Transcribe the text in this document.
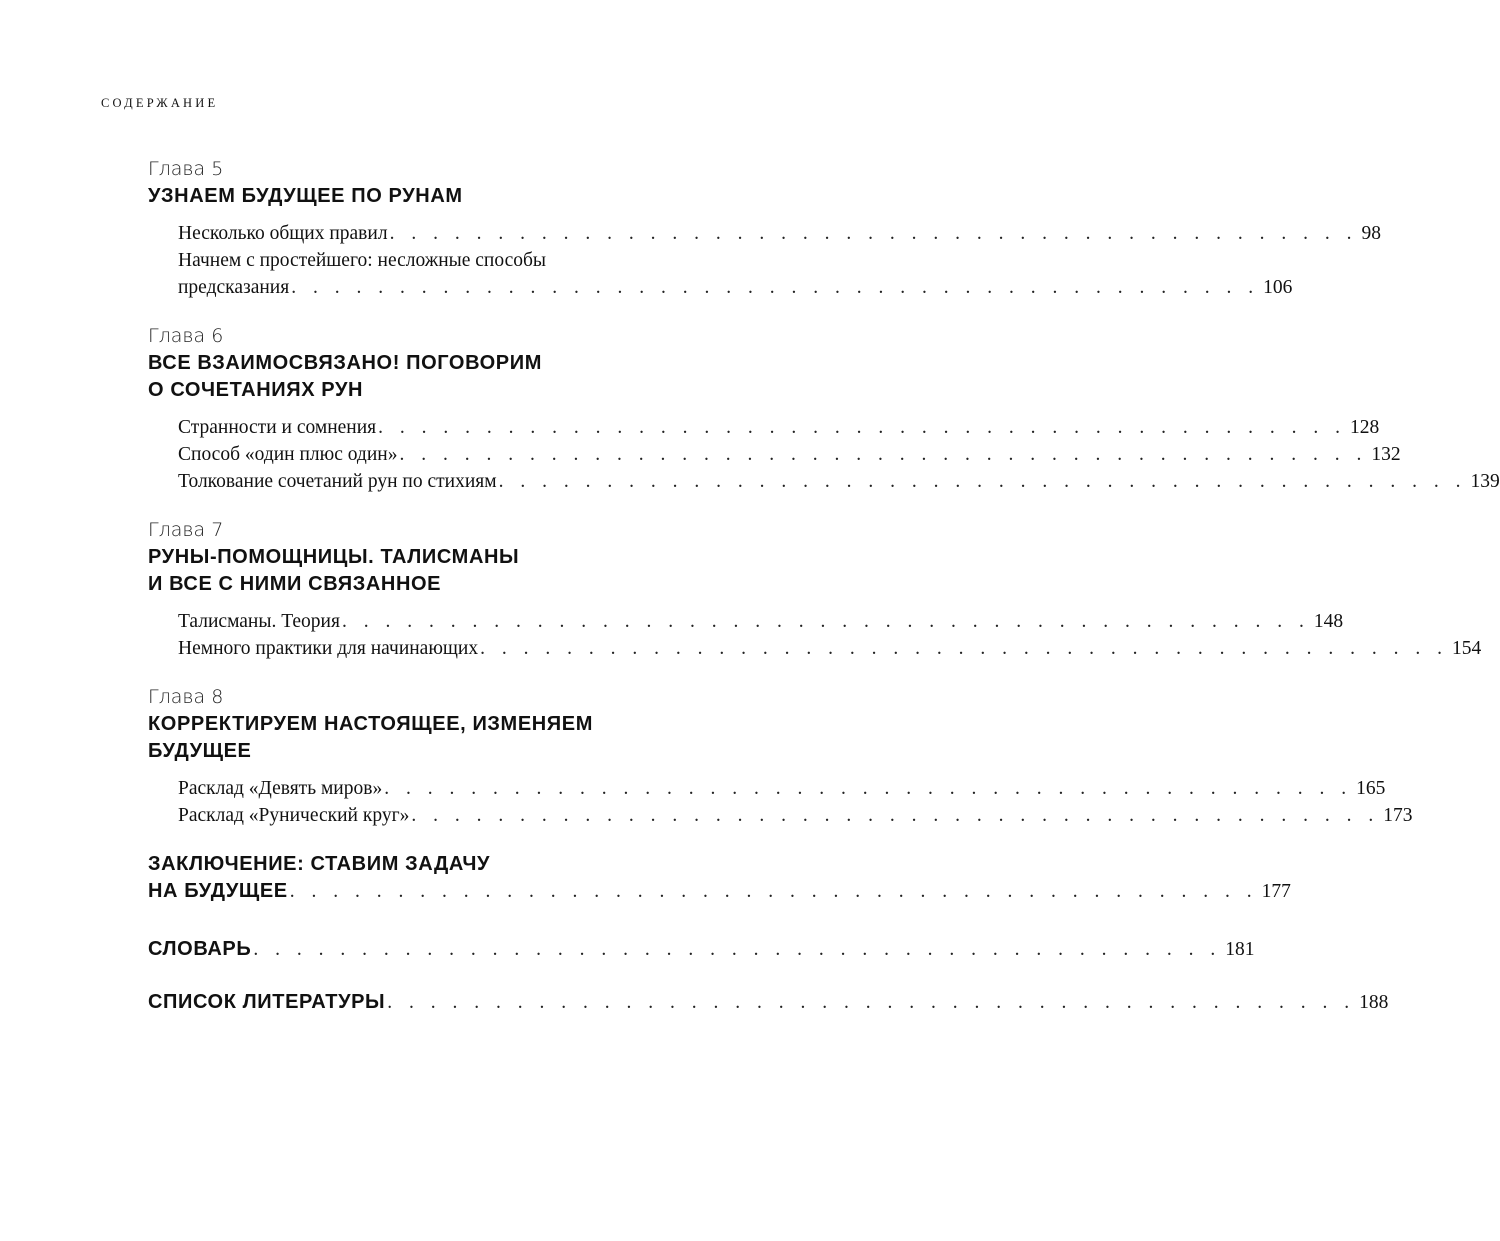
СОДЕРЖАНИЕ
Глава 5
УЗНАЕМ БУДУЩЕЕ ПО РУНАМ
Несколько общих правил . . . . . . . . . . . . . . . . . . . . . . . . . . . . . . . . . . . . . . . . . . . . . 98
Начнем с простейшего: несложные способы
предсказания . . . . . . . . . . . . . . . . . . . . . . . . . . . . . . . . . . . . . . . . . . . . . 106
Глава 6
ВСЕ ВЗАИМОСВЯЗАНО! ПОГОВОРИМ
О СОЧЕТАНИЯХ РУН
Странности и сомнения . . . . . . . . . . . . . . . . . . . . . . . . . . . . . . . . . . . . . . . . . . . . . 128
Способ «один плюс один» . . . . . . . . . . . . . . . . . . . . . . . . . . . . . . . . . . . . . . . . . . . . . 132
Толкование сочетаний рун по стихиям . . . . . . . . . . . . . . . . . . . . . . . . . . . . . . . . . . . . . . . . . . . . . 139
Глава 7
РУНЫ-ПОМОЩНИЦЫ. ТАЛИСМАНЫ
И ВСЕ С НИМИ СВЯЗАННОЕ
Талисманы. Теория . . . . . . . . . . . . . . . . . . . . . . . . . . . . . . . . . . . . . . . . . . . . . 148
Немного практики для начинающих . . . . . . . . . . . . . . . . . . . . . . . . . . . . . . . . . . . . . . . . . . . . . 154
Глава 8
КОРРЕКТИРУЕМ НАСТОЯЩЕЕ, ИЗМЕНЯЕМ
БУДУЩЕЕ
Расклад «Девять миров» . . . . . . . . . . . . . . . . . . . . . . . . . . . . . . . . . . . . . . . . . . . . . 165
Расклад «Рунический круг» . . . . . . . . . . . . . . . . . . . . . . . . . . . . . . . . . . . . . . . . . . . . . 173
ЗАКЛЮЧЕНИЕ: СТАВИМ ЗАДАЧУ
НА БУДУЩЕЕ . . . . . . . . . . . . . . . . . . . . . . . . . . . . . . . . . . . . . . . . . . . . . 177
СЛОВАРЬ . . . . . . . . . . . . . . . . . . . . . . . . . . . . . . . . . . . . . . . . . . . . . 181
СПИСОК ЛИТЕРАТУРЫ . . . . . . . . . . . . . . . . . . . . . . . . . . . . . . . . . . . . . . . . . . . . . 188
